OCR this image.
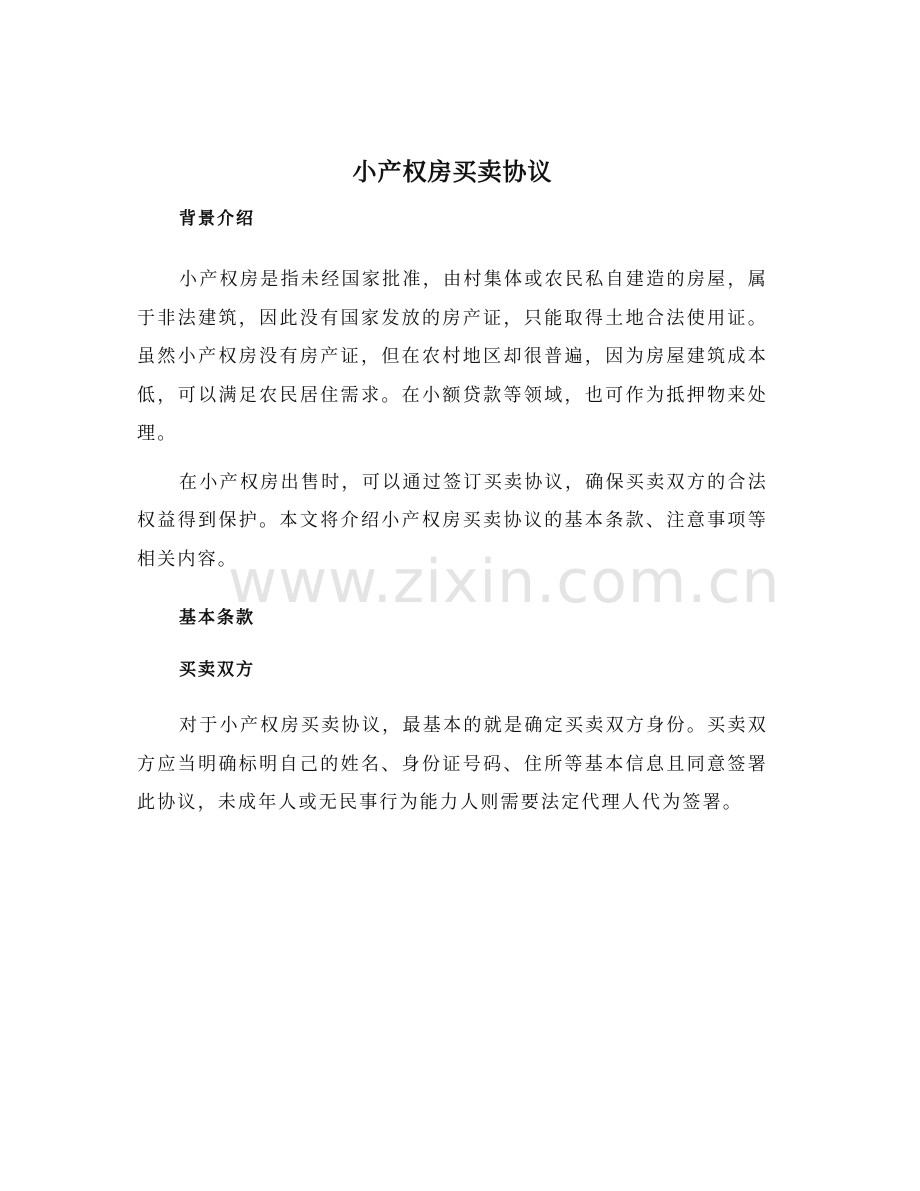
www.zixin.com.cn
小产权房买卖协议
背景介绍

小产权房是指未经国家批准，由村集体或农民私自建造的房屋，属于非法建筑，因此没有国家发放的房产证，只能取得土地合法使用证。虽然小产权房没有房产证，但在农村地区却很普遍，因为房屋建筑成本低，可以满足农民居住需求。在小额贷款等领域，也可作为抵押物来处理。

在小产权房出售时，可以通过签订买卖协议，确保买卖双方的合法权益得到保护。本文将介绍小产权房买卖协议的基本条款、注意事项等相关内容。

基本条款
买卖双方

对于小产权房买卖协议，最基本的就是确定买卖双方身份。买卖双方应当明确标明自己的姓名、身份证号码、住所等基本信息且同意签署此协议，未成年人或无民事行为能力人则需要法定代理人代为签署。
